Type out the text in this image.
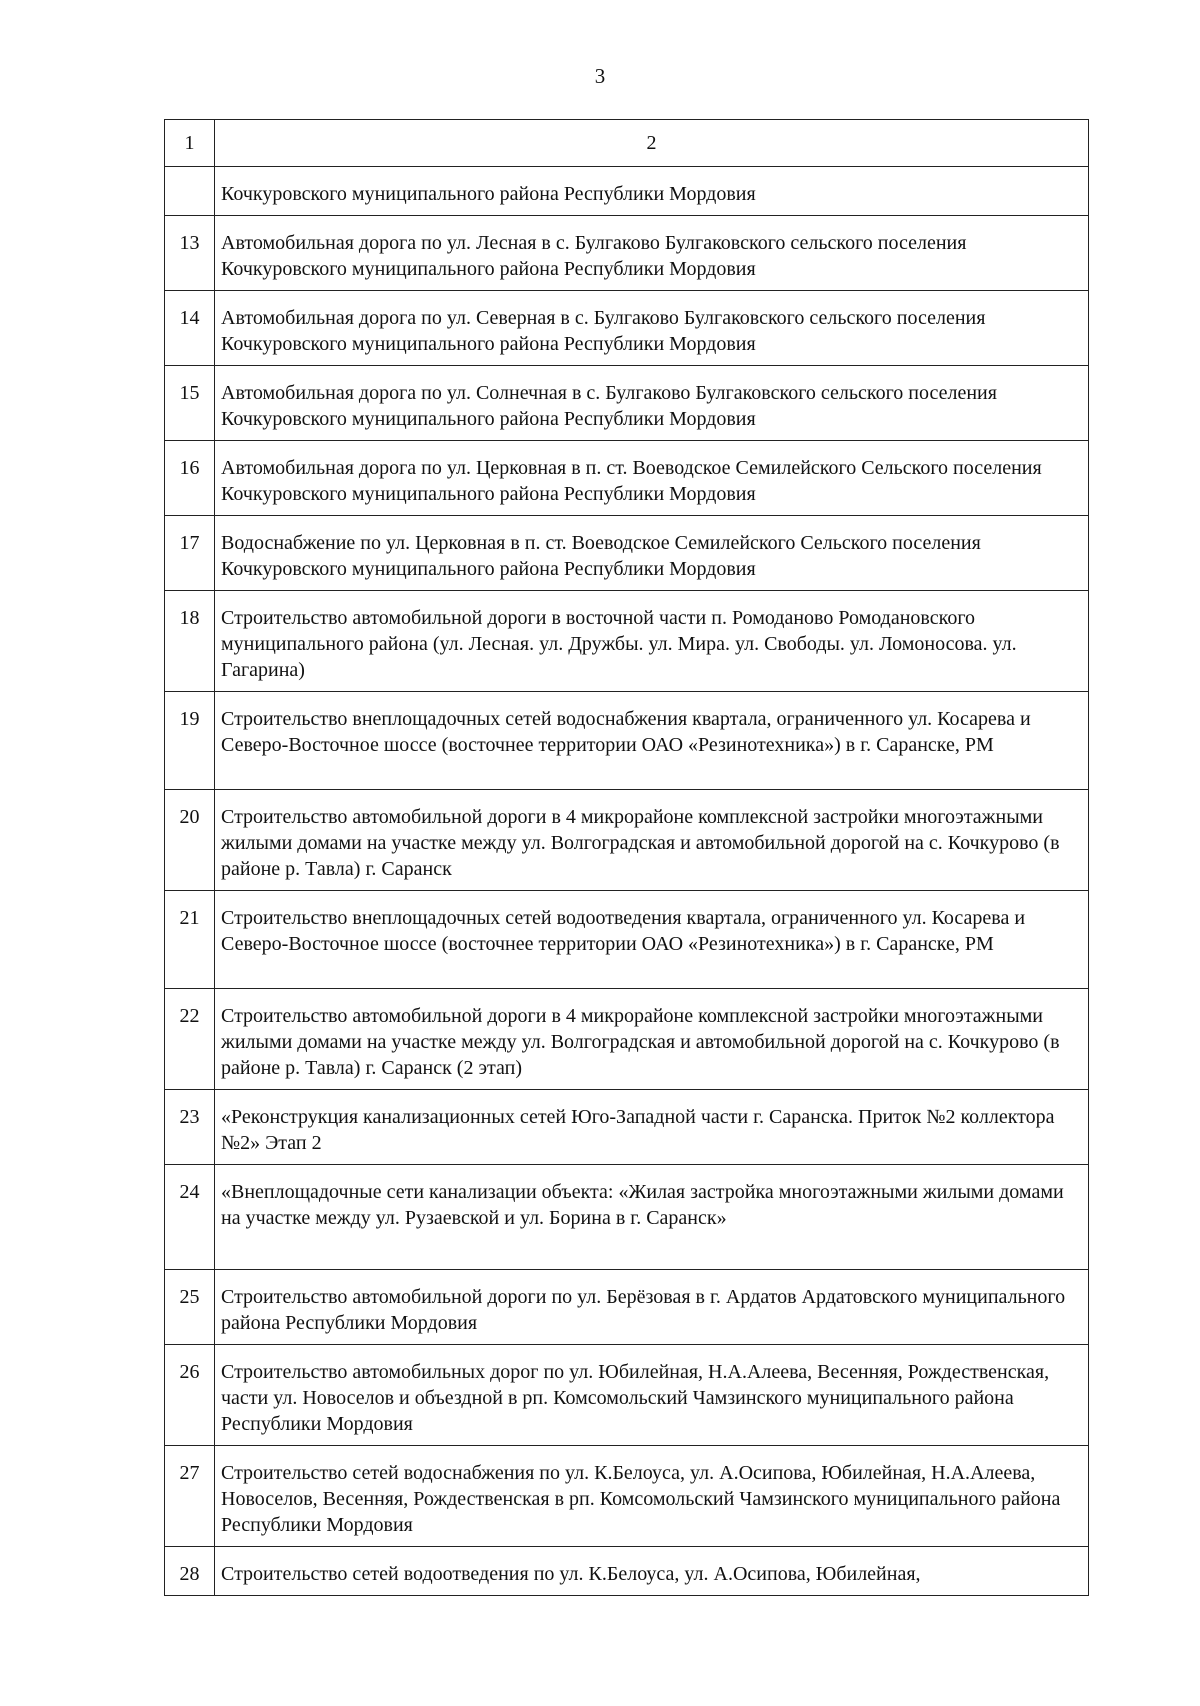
3
1	2
	Кочкуровского муниципального района Республики Мордовия
13	Автомобильная дорога по ул. Лесная в с. Булгаково Булгаковского сельского поселения Кочкуровского муниципального района Республики Мордовия
14	Автомобильная дорога по ул. Северная в с. Булгаково Булгаковского сельского поселения Кочкуровского муниципального района Республики Мордовия
15	Автомобильная дорога по ул. Солнечная в с. Булгаково Булгаковского сельского поселения Кочкуровского муниципального района Республики Мордовия
16	Автомобильная дорога по ул. Церковная в п. ст. Воеводское Семилейского Сельского поселения Кочкуровского муниципального района Республики Мордовия
17	Водоснабжение по ул. Церковная в п. ст. Воеводское Семилейского Сельского поселения Кочкуровского муниципального района Республики Мордовия
18	Строительство автомобильной дороги в восточной части п. Ромоданово Ромодановского муниципального района (ул. Лесная. ул. Дружбы. ул. Мира. ул. Свободы. ул. Ломоносова. ул. Гагарина)
19	Строительство внеплощадочных сетей водоснабжения квартала, ограниченного ул. Косарева и Северо-Восточное шоссе (восточнее территории ОАО «Резинотехника») в г. Саранске, РМ
20	Строительство автомобильной дороги в 4 микрорайоне комплексной застройки многоэтажными жилыми домами на участке между ул. Волгоградская и автомобильной дорогой на с. Кочкурово (в районе р. Тавла) г. Саранск
21	Строительство внеплощадочных сетей водоотведения квартала, ограниченного ул. Косарева и Северо-Восточное шоссе (восточнее территории ОАО «Резинотехника») в г. Саранске, РМ
22	Строительство автомобильной дороги в 4 микрорайоне комплексной застройки многоэтажными жилыми домами на участке между ул. Волгоградская и автомобильной дорогой на с. Кочкурово (в районе р. Тавла) г. Саранск (2 этап)
23	«Реконструкция канализационных сетей Юго-Западной части г. Саранска. Приток №2 коллектора №2» Этап 2
24	«Внеплощадочные сети канализации объекта: «Жилая застройка многоэтажными жилыми домами на участке между ул. Рузаевской и ул. Борина в г. Саранск»
25	Строительство автомобильной дороги по ул. Берёзовая в г. Ардатов Ардатовского муниципального района Республики Мордовия
26	Строительство автомобильных дорог по ул. Юбилейная, Н.А.Алеева, Весенняя, Рождественская, части ул. Новоселов и объездной в рп. Комсомольский Чамзинского муниципального района Республики Мордовия
27	Строительство сетей водоснабжения по ул. К.Белоуса, ул. А.Осипова, Юбилейная, Н.А.Алеева, Новоселов, Весенняя, Рождественская в рп. Комсомольский Чамзинского муниципального района Республики Мордовия
28	Строительство сетей водоотведения по ул. К.Белоуса, ул. А.Осипова, Юбилейная,
